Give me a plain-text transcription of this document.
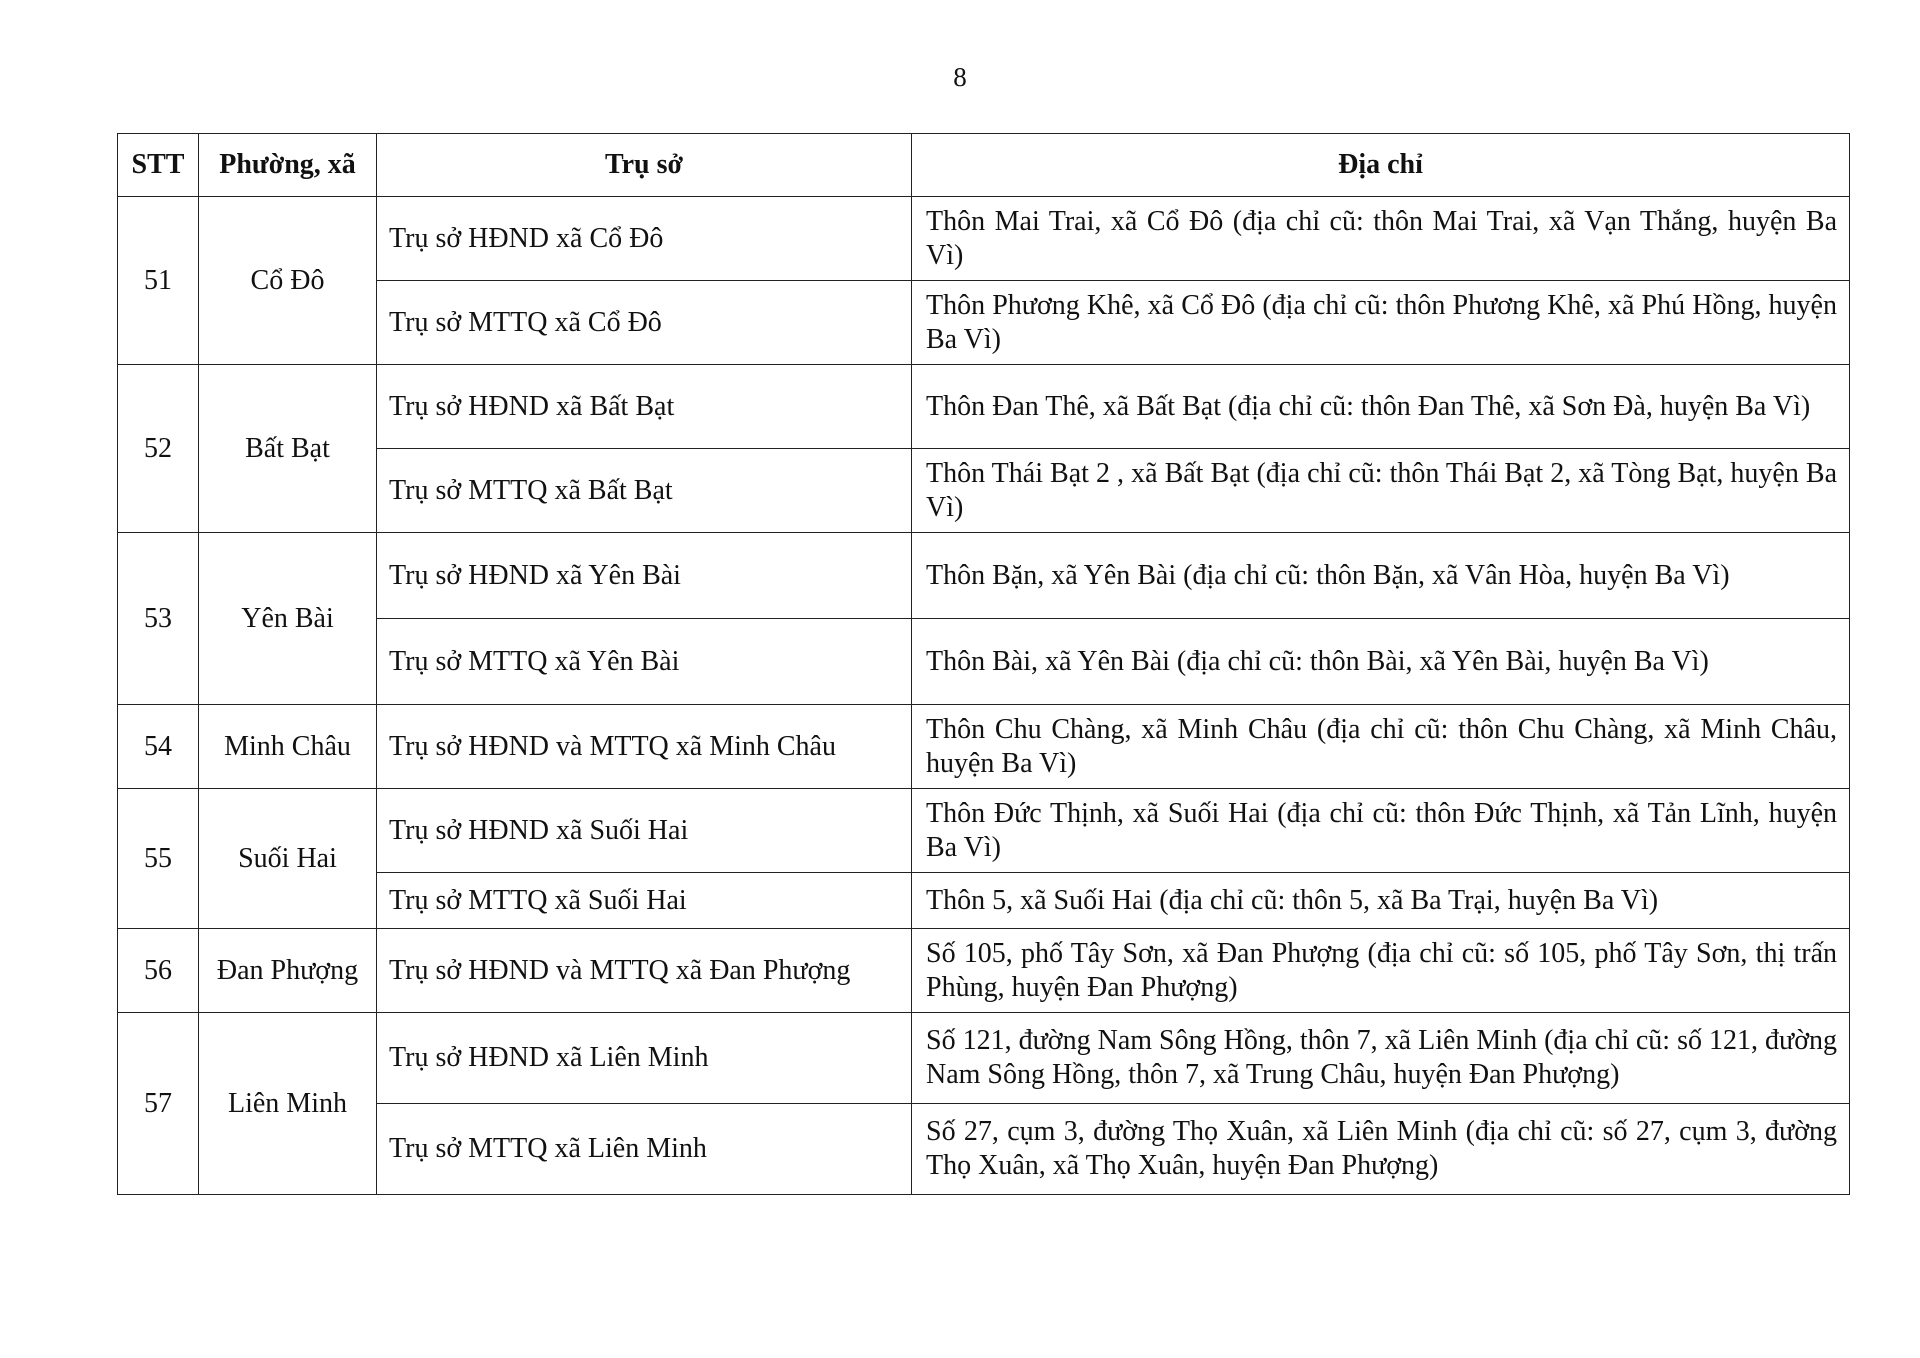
8
STT	Phường, xã	Trụ sở	Địa chỉ
51	Cổ Đô	Trụ sở HĐND xã Cổ Đô	Thôn Mai Trai, xã Cổ Đô (địa chỉ cũ: thôn Mai Trai, xã Vạn Thắng, huyện Ba Vì)
		Trụ sở MTTQ xã Cổ Đô	Thôn Phương Khê, xã Cổ Đô (địa chỉ cũ: thôn Phương Khê, xã Phú Hồng, huyện Ba Vì)
52	Bất Bạt	Trụ sở HĐND xã Bất Bạt	Thôn Đan Thê, xã Bất Bạt (địa chỉ cũ: thôn Đan Thê, xã Sơn Đà, huyện Ba Vì)
		Trụ sở MTTQ xã Bất Bạt	Thôn Thái Bạt 2 , xã Bất Bạt (địa chỉ cũ: thôn Thái Bạt 2, xã Tòng Bạt, huyện Ba Vì)
53	Yên Bài	Trụ sở HĐND xã Yên Bài	Thôn Bặn, xã Yên Bài (địa chỉ cũ: thôn Bặn, xã Vân Hòa, huyện Ba Vì)
		Trụ sở MTTQ xã Yên Bài	Thôn Bài, xã Yên Bài (địa chỉ cũ: thôn Bài, xã Yên Bài, huyện Ba Vì)
54	Minh Châu	Trụ sở HĐND và MTTQ xã Minh Châu	Thôn Chu Chàng, xã Minh Châu (địa chỉ cũ: thôn Chu Chàng, xã Minh Châu, huyện Ba Vì)
55	Suối Hai	Trụ sở HĐND xã Suối Hai	Thôn Đức Thịnh, xã Suối Hai (địa chỉ cũ: thôn Đức Thịnh, xã Tản Lĩnh, huyện Ba Vì)
		Trụ sở MTTQ xã Suối Hai	Thôn 5, xã Suối Hai (địa chỉ cũ: thôn 5, xã Ba Trại, huyện Ba Vì)
56	Đan Phượng	Trụ sở HĐND và MTTQ xã Đan Phượng	Số 105, phố Tây Sơn, xã Đan Phượng (địa chỉ cũ: số 105, phố Tây Sơn, thị trấn Phùng, huyện Đan Phượng)
57	Liên Minh	Trụ sở HĐND xã Liên Minh	Số 121, đường Nam Sông Hồng, thôn 7, xã Liên Minh (địa chỉ cũ: số 121, đường Nam Sông Hồng, thôn 7, xã Trung Châu, huyện Đan Phượng)
		Trụ sở MTTQ xã Liên Minh	Số 27, cụm 3, đường Thọ Xuân, xã Liên Minh (địa chỉ cũ: số 27, cụm 3, đường Thọ Xuân, xã Thọ Xuân, huyện Đan Phượng)
